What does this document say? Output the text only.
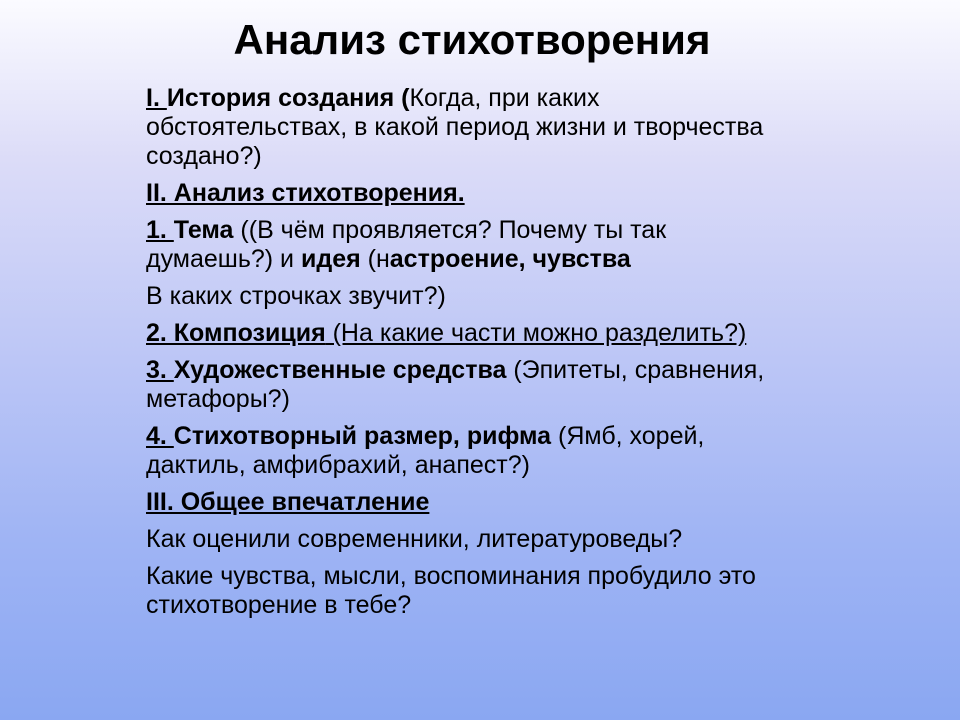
Анализ стихотворения

I. История создания (Когда, при каких обстоятельствах, в какой период жизни и творчества создано?)

II. Анализ стихотворения.

1. Тема ((В чём проявляется? Почему ты так думаешь?) и идея (настроение, чувства

В каких строчках звучит?)

2. Композиция (На какие части можно разделить?)

3. Художественные средства (Эпитеты, сравнения, метафоры?)

4. Стихотворный размер, рифма (Ямб, хорей, дактиль, амфибрахий, анапест?)

III. Общее впечатление

Как оценили современники, литературоведы?

Какие чувства, мысли, воспоминания пробудило это стихотворение в тебе?
